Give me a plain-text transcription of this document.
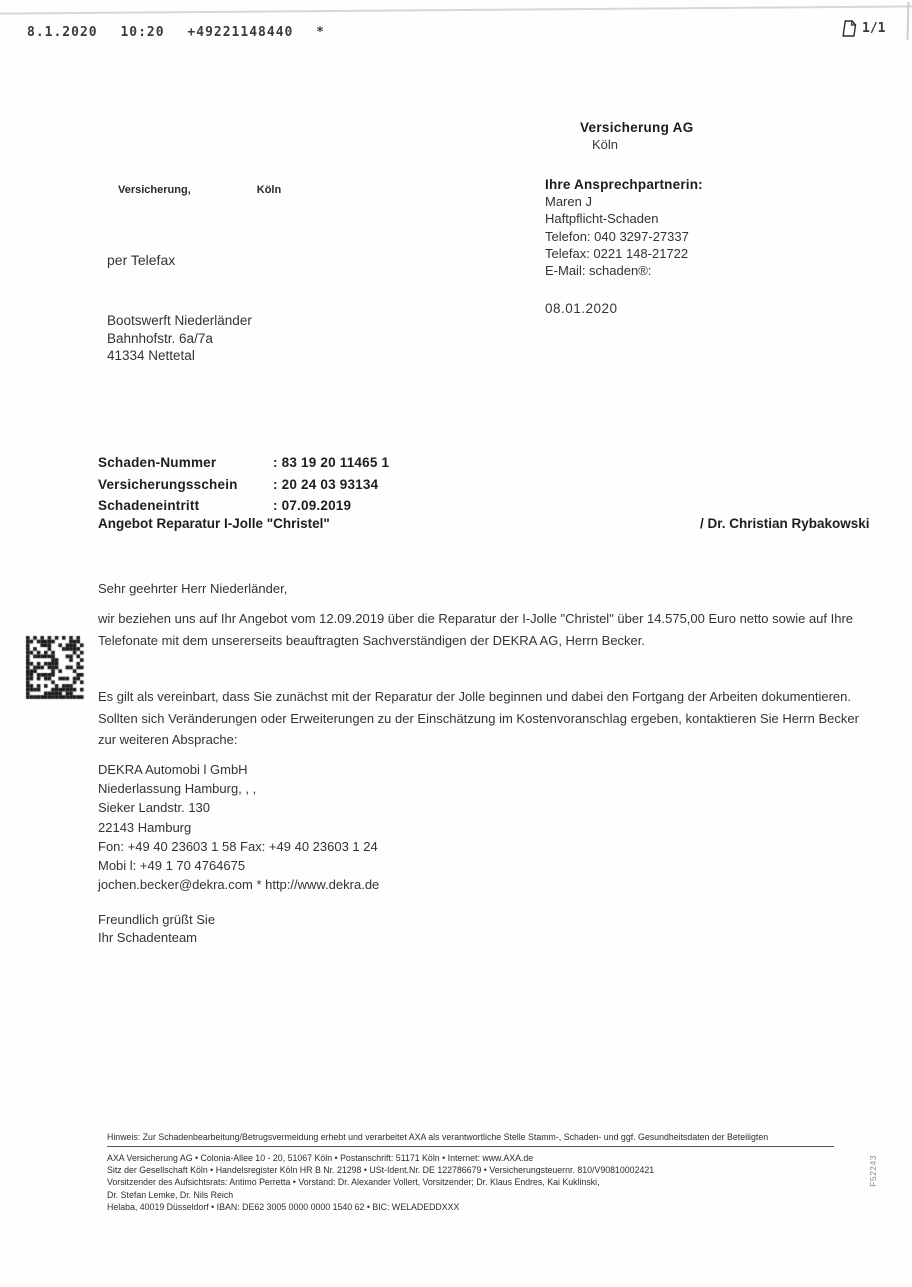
8.1.2020 10:20 +49221148440 *	1/1
Versicherung AG
Köln
Versicherung,	Köln	Ihre Ansprechpartnerin:
Maren J
Haftpflicht-Schaden
Telefon: 040 3297-27337
Telefax: 0221 148-21722
E-Mail: schaden®:
08.01.2020
per Telefax
Bootswerft Niederländer
Bahnhofstr. 6a/7a
41334 Nettetal
Schaden-Nummer	: 83 19 20 11465 1
Versicherungsschein	: 20 24 03 93134
Schadeneintritt	: 07.09.2019
Angebot Reparatur I-Jolle "Christel"	/ Dr. Christian Rybakowski
Sehr geehrter Herr Niederländer,
wir beziehen uns auf Ihr Angebot vom 12.09.2019 über die Reparatur der I-Jolle "Christel" über 14.575,00 Euro netto sowie auf Ihre Telefonate mit dem unsererseits beauftragten Sachverständigen der DEKRA AG, Herrn Becker.
Es gilt als vereinbart, dass Sie zunächst mit der Reparatur der Jolle beginnen und dabei den Fortgang der Arbeiten dokumentieren. Sollten sich Veränderungen oder Erweiterungen zu der Einschätzung im Kostenvoranschlag ergeben, kontaktieren Sie Herrn Becker zur weiteren Absprache:
DEKRA Automobi l GmbH
Niederlassung Hamburg, , ,
Sieker Landstr. 130
22143 Hamburg
Fon: +49 40 23603 1 58 Fax: +49 40 23603 1 24
Mobi l: +49 1 70 4764675
jochen.becker@dekra.com * http://www.dekra.de
Freundlich grüßt Sie
Ihr Schadenteam
Hinweis: Zur Schadenbearbeitung/Betrugsvermeidung erhebt und verarbeitet AXA als verantwortliche Stelle Stamm-, Schaden- und ggf. Gesundheitsdaten der Beteiligten
AXA Versicherung AG • Colonia-Allee 10 - 20, 51067 Köln • Postanschrift: 51171 Köln • Internet: www.AXA.de
Sitz der Gesellschaft Köln • Handelsregister Köln HR B Nr. 21298 • USt-Ident.Nr. DE 122786679 • Versicherungsteuernr. 810/V90810002421
Vorsitzender des Aufsichtsrats: Antimo Perretta • Vorstand: Dr. Alexander Vollert, Vorsitzender; Dr. Klaus Endres, Kai Kuklinski,
Dr. Stefan Lemke, Dr. Nils Reich
Helaba, 40019 Düsseldorf • IBAN: DE62 3005 0000 0000 1540 62 • BIC: WELADEDDXXX
F52243
